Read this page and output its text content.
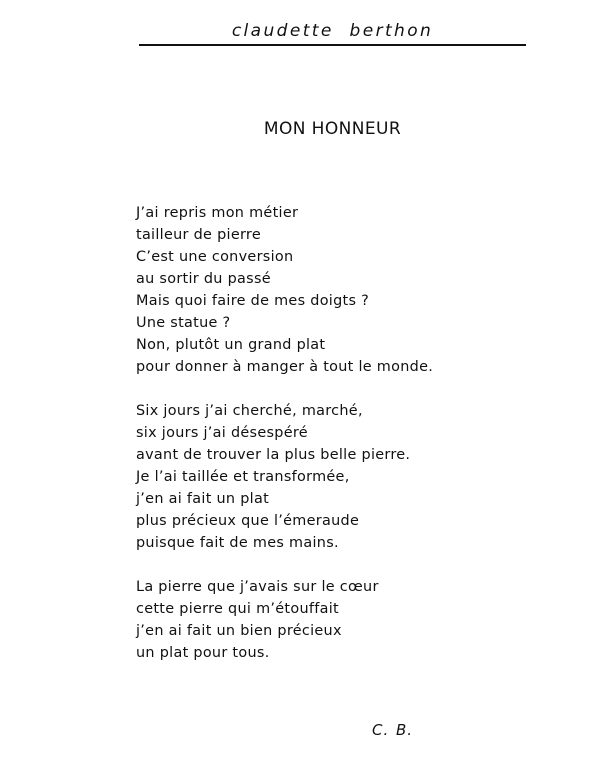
claudette berthon
MON HONNEUR
J’ai repris mon métier
tailleur de pierre
C’est une conversion
au sortir du passé
Mais quoi faire de mes doigts ?
Une statue ?
Non, plutôt un grand plat
pour donner à manger à tout le monde.
Six jours j’ai cherché, marché,
six jours j’ai désespéré
avant de trouver la plus belle pierre.
Je l’ai taillée et transformée,
j’en ai fait un plat
plus précieux que l’émeraude
puisque fait de mes mains.
La pierre que j’avais sur le cœur
cette pierre qui m’étouffait
j’en ai fait un bien précieux
un plat pour tous.
C. B.
